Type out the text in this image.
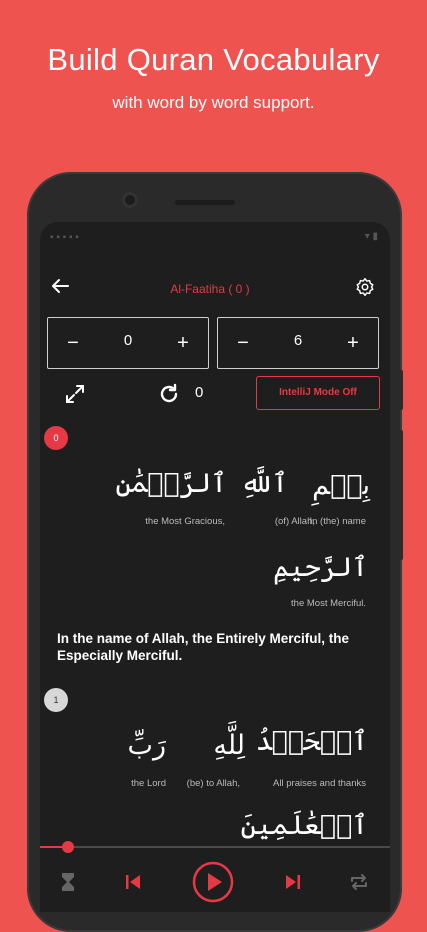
Build Quran Vocabulary
with word by word support.
▪ ▪ ▪ ▪ ▪	▾ ▮
Al-Faatiha ( 0 )
−	0	+	−	6	+
0	IntelliJ Mode Off
0
بِسۡمِ
In (the) name
ٱللَّهِ
(of) Allah,
ٱلرَّحۡمَٰنِ
the Most Gracious,
ٱلرَّحِيمِ
the Most Merciful.
In the name of Allah, the Entirely Merciful, the Especially Merciful.
1
ٱلۡحَمۡدُ
All praises and thanks
لِلَّهِ
(be) to Allah,
رَبِّ
the Lord
ٱلۡعَٰلَمِينَ
